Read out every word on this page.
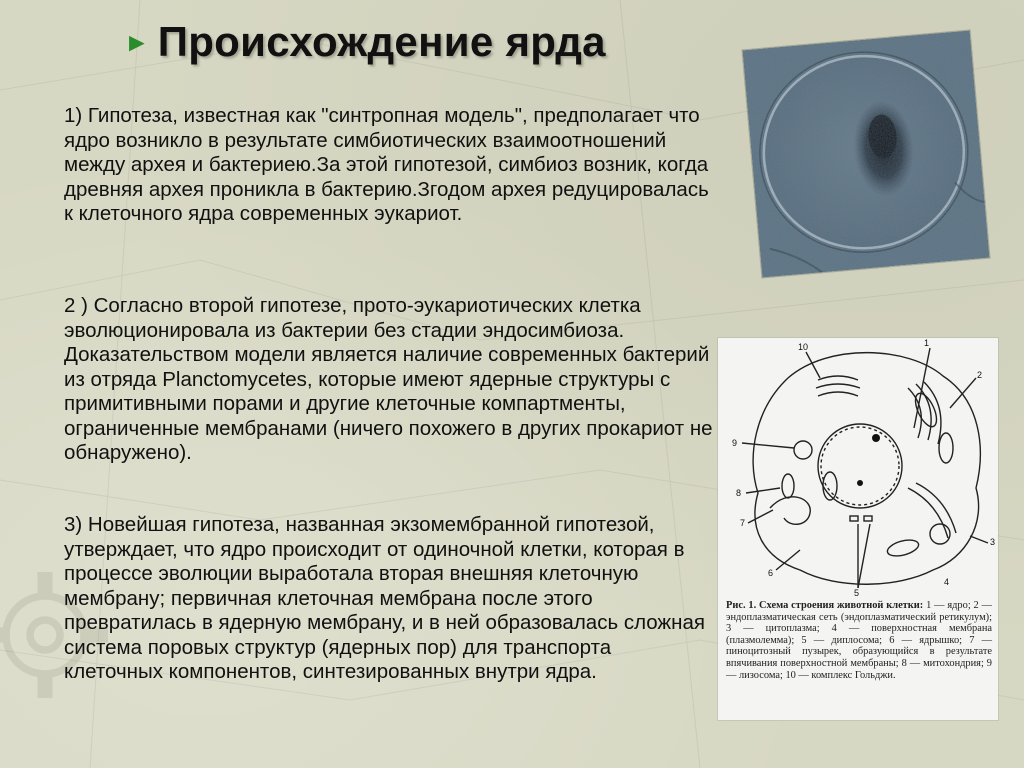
► Происхождение ярда

1) Гипотеза, известная как "синтропная модель", предполагает что ядро возникло в результате симбиотических взаимоотношений между архея и бактериею.За этой гипотезой, симбиоз возник, когда древняя архея проникла в бактерию.Згодом архея редуцировалась к клеточного ядра современных эукариот.

2 ) Согласно второй гипотезе, прото-эукариотических клетка эволюционировала из бактерии без стадии эндосимбиоза. Доказательством модели является наличие современных бактерий из отряда Planctomycetes, которые имеют ядерные структуры с примитивными порами и другие клеточные компартменты, ограниченные мембранами (ничего похожего в других прокариот не обнаружено).

3) Новейшая гипотеза, названная экзомембранной гипотезой, утверждает, что ядро происходит от одиночной клетки, которая в процессе эволюции выработала вторая внешняя клеточную мембрану; первичная клеточная мембрана после этого превратилась в ядерную мембрану, и в ней образовалась сложная система поровых структур (ядерных пор) для транспорта клеточных компонентов, синтезированных внутри ядра.

10	1
2
3
4
5
6
7
8
9

Рис. 1. Схема строения животной клетки: 1 — ядро; 2 — эндоплазматическая сеть (эндоплазматический ретикулум); 3 — цитоплазма; 4 — поверхностная мембрана (плазмолемма); 5 — диплосома; 6 — ядрышко; 7 — пиноцитозный пузырек, образующийся в результате впячивания поверхностной мембраны; 8 — митохондрия; 9 — лизосома; 10 — комплекс Гольджи.
